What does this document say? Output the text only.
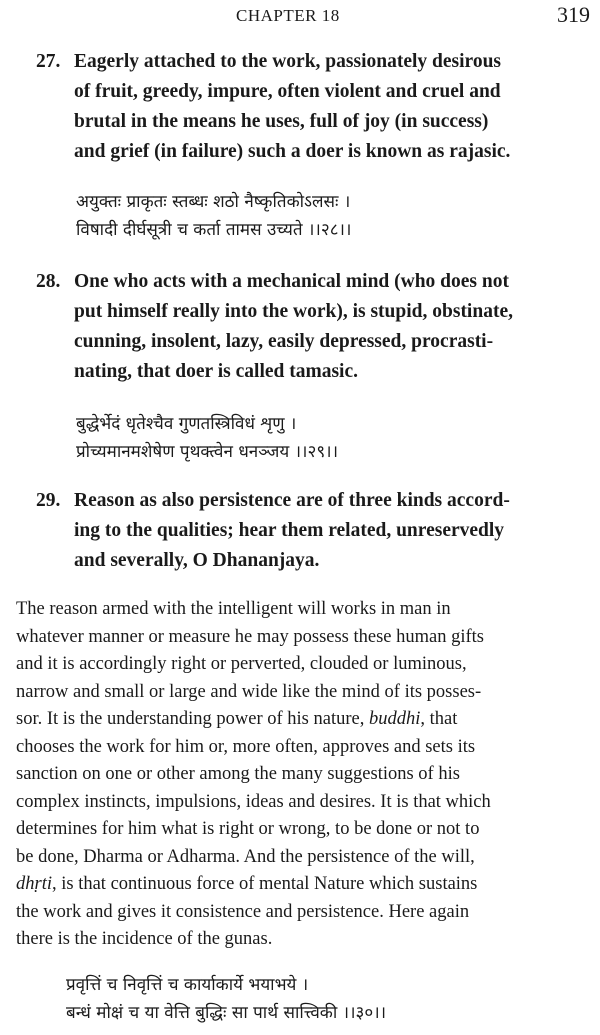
CHAPTER 18	319
27. Eagerly attached to the work, passionately desirous
of fruit, greedy, impure, often violent and cruel and
brutal in the means he uses, full of joy (in success)
and grief (in failure) such a doer is known as rajasic.
अयुक्तः प्राकृतः स्तब्धः शठो नैष्कृतिकोऽलसः ।
विषादी दीर्घसूत्री च कर्ता तामस उच्यते ।।२८।।
28. One who acts with a mechanical mind (who does not
put himself really into the work), is stupid, obstinate,
cunning, insolent, lazy, easily depressed, procrasti-
nating, that doer is called tamasic.
बुद्धेर्भेदं धृतेश्चैव गुणतस्त्रिविधं शृणु ।
प्रोच्यमानमशेषेण पृथक्त्वेन धनञ्जय ।।२९।।
29. Reason as also persistence are of three kinds accord-
ing to the qualities; hear them related, unreservedly
and severally, O Dhananjaya.
The reason armed with the intelligent will works in man in
whatever manner or measure he may possess these human gifts
and it is accordingly right or perverted, clouded or luminous,
narrow and small or large and wide like the mind of its posses-
sor. It is the understanding power of his nature, buddhi, that
chooses the work for him or, more often, approves and sets its
sanction on one or other among the many suggestions of his
complex instincts, impulsions, ideas and desires. It is that which
determines for him what is right or wrong, to be done or not to
be done, Dharma or Adharma. And the persistence of the will,
dhṛti, is that continuous force of mental Nature which sustains
the work and gives it consistence and persistence. Here again
there is the incidence of the gunas.
प्रवृत्तिं च निवृत्तिं च कार्याकार्ये भयाभये ।
बन्धं मोक्षं च या वेत्ति बुद्धिः सा पार्थ सात्त्विकी ।।३०।।
